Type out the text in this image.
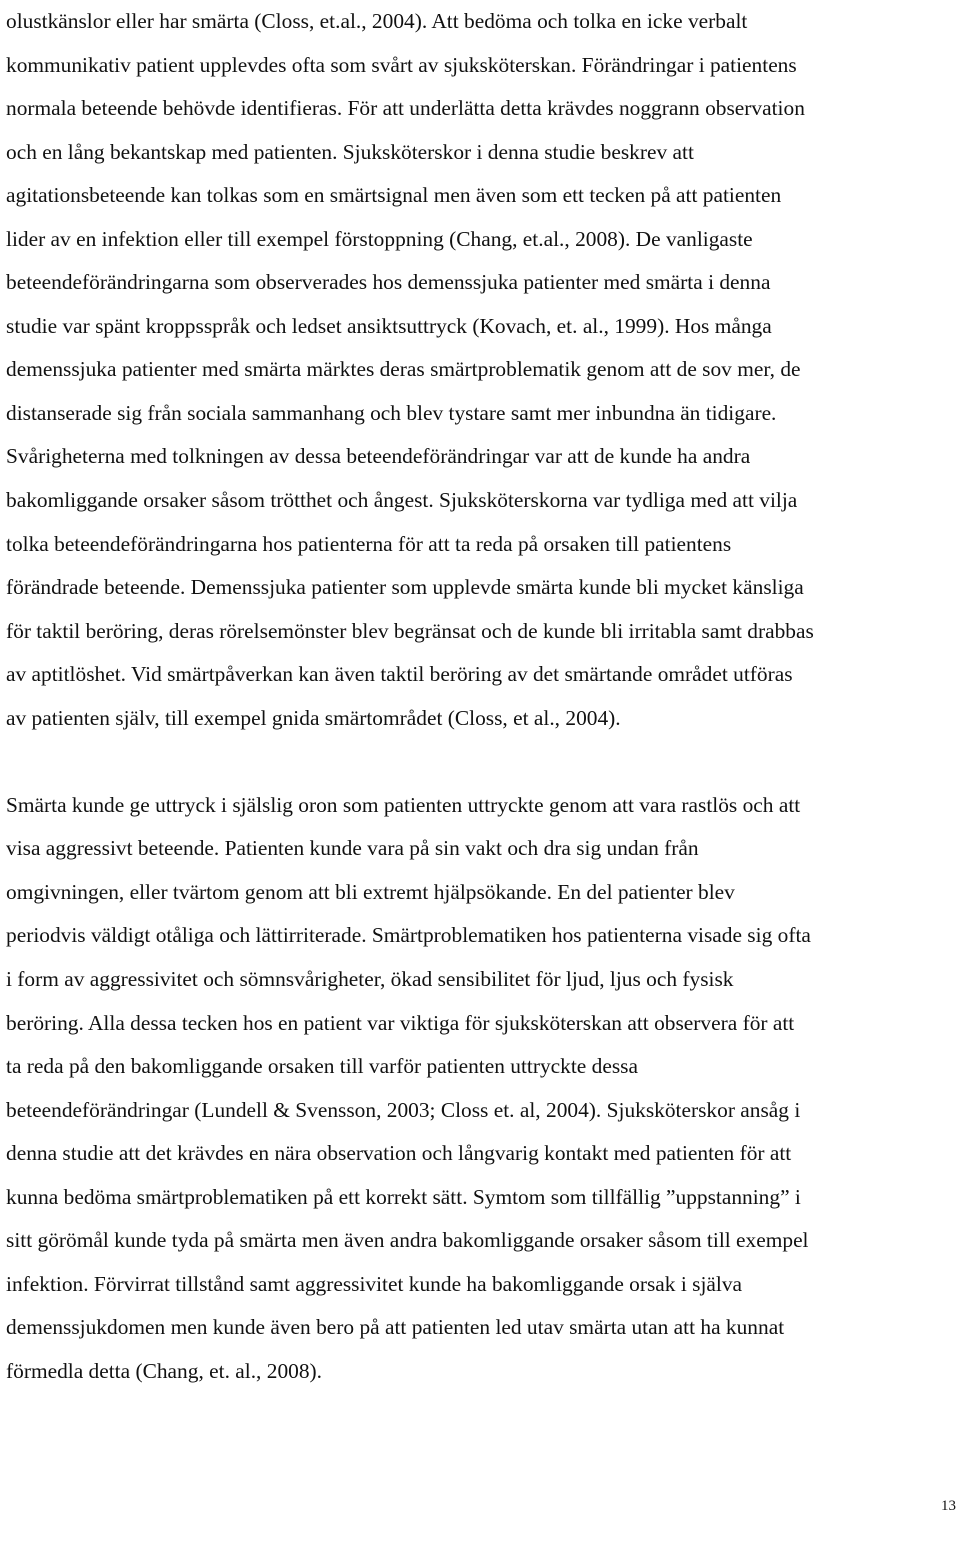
olustkänslor eller har smärta (Closs, et.al., 2004). Att bedöma och tolka en icke verbalt
kommunikativ patient upplevdes ofta som svårt av sjuksköterskan. Förändringar i patientens
normala beteende behövde identifieras. För att underlätta detta krävdes noggrann observation
och en lång bekantskap med patienten. Sjuksköterskor i denna studie beskrev att
agitationsbeteende kan tolkas som en smärtsignal men även som ett tecken på att patienten
lider av en infektion eller till exempel förstoppning (Chang, et.al., 2008). De vanligaste
beteendeförändringarna som observerades hos demenssjuka patienter med smärta i denna
studie var spänt kroppsspråk och ledset ansiktsuttryck (Kovach, et. al., 1999). Hos många
demenssjuka patienter med smärta märktes deras smärtproblematik genom att de sov mer, de
distanserade sig från sociala sammanhang och blev tystare samt mer inbundna än tidigare.
Svårigheterna med tolkningen av dessa beteendeförändringar var att de kunde ha andra
bakomliggande orsaker såsom trötthet och ångest. Sjuksköterskorna var tydliga med att vilja
tolka beteendeförändringarna hos patienterna för att ta reda på orsaken till patientens
förändrade beteende. Demenssjuka patienter som upplevde smärta kunde bli mycket känsliga
för taktil beröring, deras rörelsemönster blev begränsat och de kunde bli irritabla samt drabbas
av aptitlöshet. Vid smärtpåverkan kan även taktil beröring av det smärtande området utföras
av patienten själv, till exempel gnida smärtområdet (Closs, et al., 2004).
Smärta kunde ge uttryck i själslig oron som patienten uttryckte genom att vara rastlös och att
visa aggressivt beteende. Patienten kunde vara på sin vakt och dra sig undan från
omgivningen, eller tvärtom genom att bli extremt hjälpsökande. En del patienter blev
periodvis väldigt otåliga och lättirriterade. Smärtproblematiken hos patienterna visade sig ofta
i form av aggressivitet och sömnsvårigheter, ökad sensibilitet för ljud, ljus och fysisk
beröring. Alla dessa tecken hos en patient var viktiga för sjuksköterskan att observera för att
ta reda på den bakomliggande orsaken till varför patienten uttryckte dessa
beteendeförändringar (Lundell & Svensson, 2003; Closs et. al, 2004). Sjuksköterskor ansåg i
denna studie att det krävdes en nära observation och långvarig kontakt med patienten för att
kunna bedöma smärtproblematiken på ett korrekt sätt. Symtom som tillfällig ”uppstanning” i
sitt görömål kunde tyda på smärta men även andra bakomliggande orsaker såsom till exempel
infektion. Förvirrat tillstånd samt aggressivitet kunde ha bakomliggande orsak i själva
demenssjukdomen men kunde även bero på att patienten led utav smärta utan att ha kunnat
förmedla detta (Chang, et. al., 2008).
13
